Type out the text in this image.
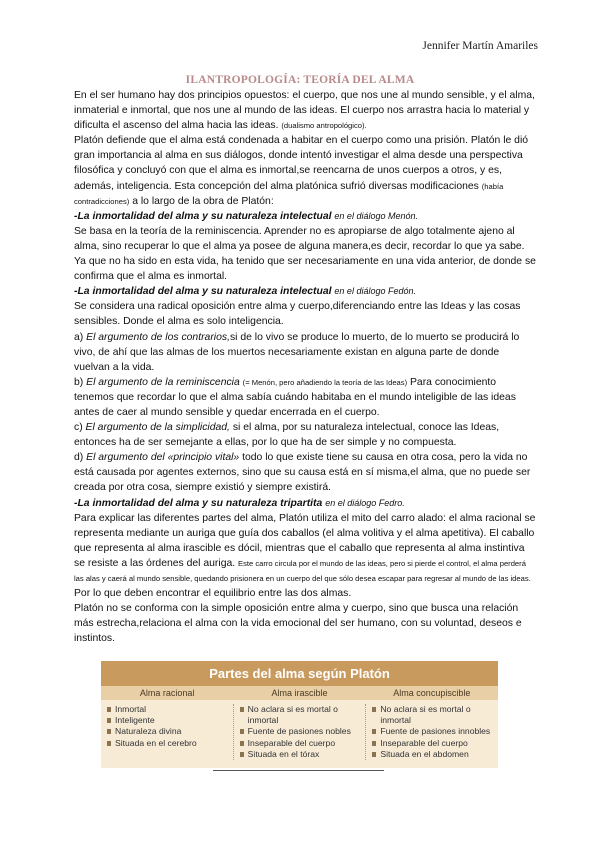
Jennifer Martín Amariles
ILANTROPOLOGÍA: TEORÍA DEL ALMA

En el ser humano hay dos principios opuestos: el cuerpo, que nos une al mundo sensible, y el alma, inmaterial e inmortal, que nos une al mundo de las ideas. El cuerpo nos arrastra hacia lo material y dificulta el ascenso del alma hacia las ideas. (dualismo antropológico).

Platón defiende que el alma está condenada a habitar en el cuerpo como una prisión. Platón le dió gran importancia al alma en sus diálogos, donde intentó investigar el alma desde una perspectiva filosófica y concluyó con que el alma es inmortal,se reencarna de unos cuerpos a otros, y es, además, inteligencia. Esta concepción del alma platónica sufrió diversas modificaciones (había contradicciones) a lo largo de la obra de Platón:

-La inmortalidad del alma y su naturaleza intelectual en el diálogo Menón.

Se basa en la teoría de la reminiscencia. Aprender no es apropiarse de algo totalmente ajeno al alma, sino recuperar lo que el alma ya posee de alguna manera,es decir, recordar lo que ya sabe. Ya que no ha sido en esta vida, ha tenido que ser necesariamente en una vida anterior, de donde se confirma que el alma es inmortal.

-La inmortalidad del alma y su naturaleza intelectual en el diálogo Fedón.

Se considera una radical oposición entre alma y cuerpo,diferenciando entre las Ideas y las cosas sensibles. Donde el alma es solo inteligencia.

a) El argumento de los contrarios,si de lo vivo se produce lo muerto, de lo muerto se producirá lo vivo, de ahí que las almas de los muertos necesariamente existan en alguna parte de donde vuelvan a la vida.

b) El argumento de la reminiscencia (= Menón, pero añadiendo la teoría de las Ideas) Para conocimiento tenemos que recordar lo que el alma sabía cuándo habitaba en el mundo inteligible de las ideas antes de caer al mundo sensible y quedar encerrada en el cuerpo.

c) El argumento de la simplicidad, si el alma, por su naturaleza intelectual, conoce las Ideas, entonces ha de ser semejante a ellas, por lo que ha de ser simple y no compuesta.

d) El argumento del «principio vital» todo lo que existe tiene su causa en otra cosa, pero la vida no está causada por agentes externos, sino que su causa está en sí misma,el alma, que no puede ser creada por otra cosa, siempre existió y siempre existirá.

-La inmortalidad del alma y su naturaleza tripartita en el diálogo Fedro.

Para explicar las diferentes partes del alma, Platón utiliza el mito del carro alado: el alma racional se representa mediante un auriga que guía dos caballos (el alma volitiva y el alma apetitiva). El caballo que representa al alma irascible es dócil, mientras que el caballo que representa al alma instintiva se resiste a las órdenes del auriga. Este carro circula por el mundo de las ideas, pero si pierde el control, el alma perderá las alas y caerá al mundo sensible, quedando prisionera en un cuerpo del que sólo desea escapar para regresar al mundo de las ideas.

Por lo que deben encontrar el equilibrio entre las dos almas.

Platón no se conforma con la simple oposición entre alma y cuerpo, sino que busca una relación más estrecha,relaciona el alma con la vida emocional del ser humano, con su voluntad, deseos e instintos.

Partes del alma según Platón
Alma racional	Alma irascible	Alma concupiscible
Inmortal
Inteligente
Naturaleza divina
Situada en el cerebro
No aclara si es mortal o inmortal
Fuente de pasiones nobles
Inseparable del cuerpo
Situada en el tórax
No aclara si es mortal o inmortal
Fuente de pasiones innobles
Inseparable del cuerpo
Situada en el abdomen
